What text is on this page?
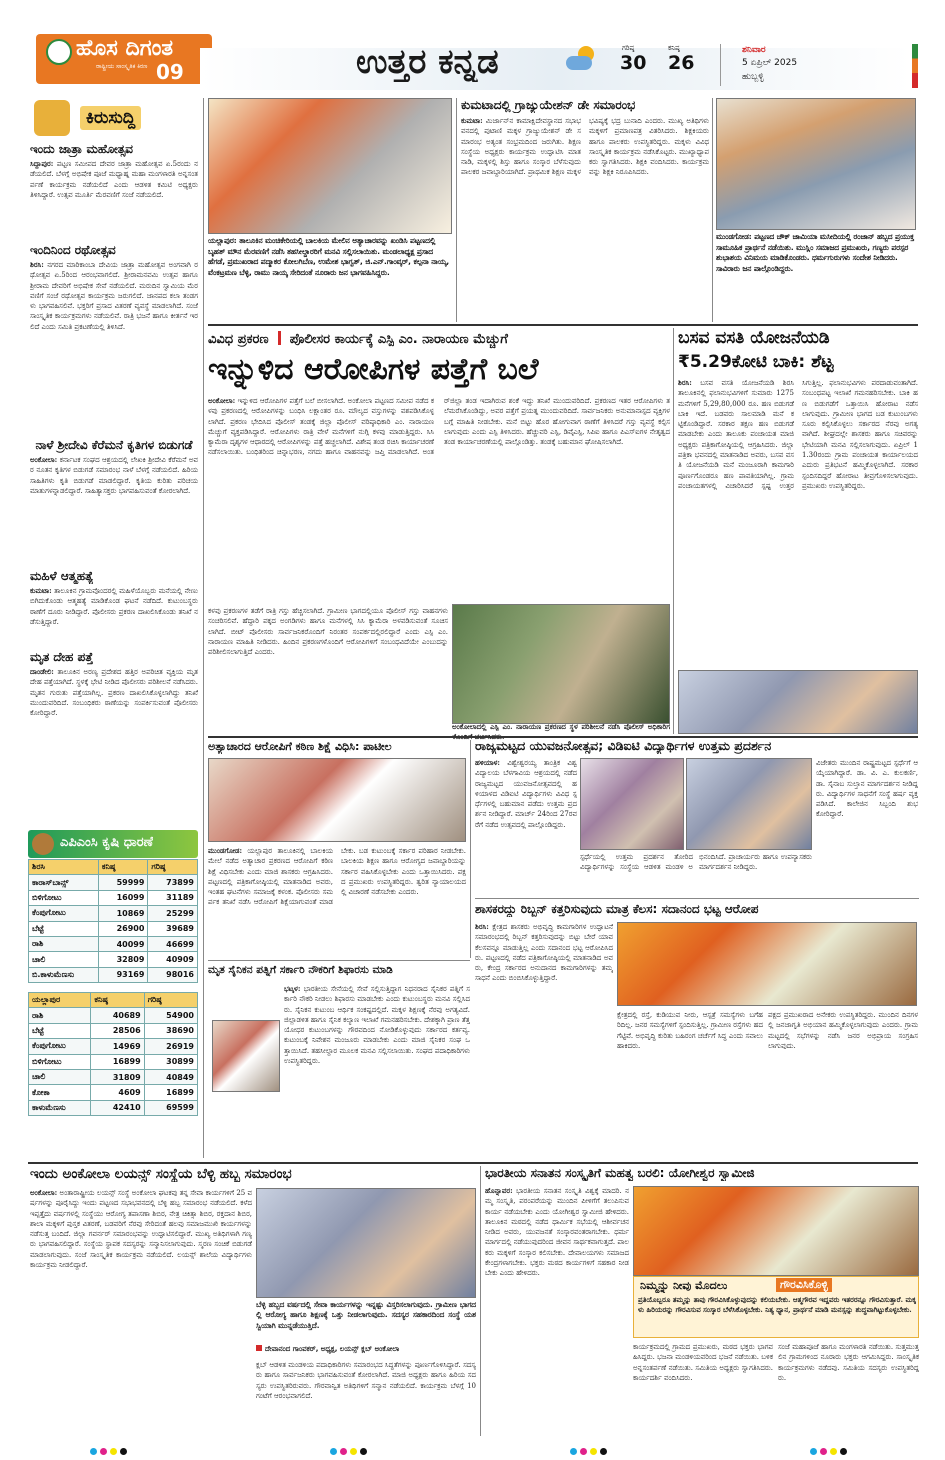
ಹೊಸ ದಿಗಂತ
ರಾಷ್ಟ್ರೀಯ ಸಾಂಸ್ಕೃತಿಕ ಕಿರಣ 09	ಉತ್ತರ ಕನ್ನಡ	ಗರಿಷ್ಠ
30
ಕನಿಷ್ಠ
26
ಶನಿವಾರ
5 ಏಪ್ರಿಲ್ 2025
ಹುಬ್ಬಳ್ಳಿ
ಕಿರುಸುದ್ದಿ
ಇಂದು ಜಾತ್ರಾ ಮಹೋತ್ಸವ
ಸಿದ್ದಾಪುರ: ಪಟ್ಟಣ ಸಮೀಪದ ದೇವರ ಜಾತ್ರಾ ಮಹೋತ್ಸವ ಏ.5ರಂದು ನಡೆಯಲಿದೆ. ಬೆಳಗ್ಗೆ ಅಭಿಷೇಕ ಪೂಜೆ ಮಧ್ಯಾಹ್ನ ಮಹಾ ಮಂಗಳಾರತಿ ಅನ್ನಸಂತರ್ಪಣೆ ಕಾರ್ಯಕ್ರಮ ನಡೆಯಲಿದೆ ಎಂದು ಆಡಳಿತ ಕಮಿಟಿ ಅಧ್ಯಕ್ಷರು ತಿಳಿಸಿದ್ದಾರೆ. ಉತ್ಸವ ಮೂರ್ತಿ ಮೆರವಣಿಗೆ ಸಂಜೆ ನಡೆಯಲಿದೆ.
ಇಂದಿನಿಂದ ರಥೋತ್ಸವ
ಶಿರಸಿ: ನಗರದ ಮಾರಿಕಾಂಬಾ ದೇವಿಯ ಜಾತ್ರಾ ಮಹೋತ್ಸವ ಅಂಗವಾಗಿ ರಥೋತ್ಸವ ಏ.5ರಿಂದ ಆರಂಭವಾಗಲಿದೆ. ಶ್ರೀರಾಮನವಮಿ ಉತ್ಸವ ಹಾಗೂ ಶ್ರೀರಾಮ ದೇವರಿಗೆ ಅಭಿಷೇಕ ಸೇವೆ ನಡೆಯಲಿದೆ. ಮರುದಿನ ಸ್ವಾಮಿಯ ಮೆರವಣಿಗೆ ಸಂಜೆ ರಥೋತ್ಸವ ಕಾರ್ಯಕ್ರಮ ಜರುಗಲಿದೆ. ಜಾನಪದ ಕಲಾ ತಂಡಗಳು ಭಾಗವಹಿಸಲಿವೆ. ಭಕ್ತರಿಗೆ ಪ್ರಸಾದ ವಿತರಣೆ ವ್ಯವಸ್ಥೆ ಮಾಡಲಾಗಿದೆ. ಸಂಜೆ ಸಾಂಸ್ಕೃತಿಕ ಕಾರ್ಯಕ್ರಮಗಳು ನಡೆಯಲಿವೆ. ರಾತ್ರಿ ಭಜನೆ ಹಾಗೂ ಕೀರ್ತನೆ ಇರಲಿದೆ ಎಂದು ಸಮಿತಿ ಪ್ರಕಟಣೆಯಲ್ಲಿ ತಿಳಿಸಿದೆ.
ನಾಳೆ ಶ್ರೀದೇವಿ ಕೆರೆಮನೆ ಕೃತಿಗಳ ಬಿಡುಗಡೆ
ಅಂಕೋಲಾ: ಕರ್ನಾಟಕ ಸಂಘದ ಆಶ್ರಯದಲ್ಲಿ ಲೇಖಕಿ ಶ್ರೀದೇವಿ ಕೆರೆಮನೆ ಅವರ ನೂತನ ಕೃತಿಗಳ ಬಿಡುಗಡೆ ಸಮಾರಂಭ ನಾಳೆ ಬೆಳಗ್ಗೆ ನಡೆಯಲಿದೆ. ಹಿರಿಯ ಸಾಹಿತಿಗಳು ಕೃತಿ ಬಿಡುಗಡೆ ಮಾಡಲಿದ್ದಾರೆ. ಕೃತಿಯ ಕುರಿತು ಪರಿಚಯ ಮಾತುಗಳನ್ನಾಡಲಿದ್ದಾರೆ. ಸಾಹಿತ್ಯಾಸಕ್ತರು ಭಾಗವಹಿಸುವಂತೆ ಕೋರಲಾಗಿದೆ.
ಮಹಿಳೆ ಆತ್ಮಹತ್ಯೆ
ಕುಮಟಾ: ತಾಲೂಕಿನ ಗ್ರಾಮವೊಂದರಲ್ಲಿ ಮಹಿಳೆಯೊಬ್ಬರು ಮನೆಯಲ್ಲಿ ನೇಣು ಬಿಗಿದುಕೊಂಡು ಆತ್ಮಹತ್ಯೆ ಮಾಡಿಕೊಂಡ ಘಟನೆ ನಡೆದಿದೆ. ಕುಟುಂಬಸ್ಥರು ಠಾಣೆಗೆ ದೂರು ನೀಡಿದ್ದಾರೆ. ಪೊಲೀಸರು ಪ್ರಕರಣ ದಾಖಲಿಸಿಕೊಂಡು ತನಿಖೆ ನಡೆಸುತ್ತಿದ್ದಾರೆ.
ಮೃತ ದೇಹ ಪತ್ತೆ
ದಾಂಡೇಲಿ: ತಾಲೂಕಿನ ಅರಣ್ಯ ಪ್ರದೇಶದ ಹತ್ತಿರ ಅಪರಿಚಿತ ವ್ಯಕ್ತಿಯ ಮೃತದೇಹ ಪತ್ತೆಯಾಗಿದೆ. ಸ್ಥಳಕ್ಕೆ ಭೇಟಿ ನೀಡಿದ ಪೊಲೀಸರು ಪರಿಶೀಲನೆ ನಡೆಸಿದರು. ಮೃತನ ಗುರುತು ಪತ್ತೆಯಾಗಿಲ್ಲ. ಪ್ರಕರಣ ದಾಖಲಿಸಿಕೊಳ್ಳಲಾಗಿದ್ದು ತನಿಖೆ ಮುಂದುವರಿದಿದೆ. ಸಂಬಂಧಿಕರು ಠಾಣೆಯನ್ನು ಸಂಪರ್ಕಿಸುವಂತೆ ಪೊಲೀಸರು ಕೋರಿದ್ದಾರೆ.
ಎಪಿಎಂಸಿ ಕೃಷಿ ಧಾರಣೆ
ಶಿರಸಿ	ಕನಿಷ್ಠ	ಗರಿಷ್ಠ
ಕಾರಾಸ್‌ಬಾನ್ಸ್	59999	73899
ಬಿಳಿಗೋಟು	16099	31189
ಕೆಂಪುಗೋಟು	10869	25299
ಬೆಟ್ಟೆ	26900	39689
ರಾಶಿ	40099	46699
ಚಾಲಿ	32809	40909
ಬಿ.ಕಾಳುಮೆಣಸು	93169	98016
ಯಲ್ಲಾಪುರ	ಕನಿಷ್ಠ	ಗರಿಷ್ಠ
ರಾಶಿ	40689	54900
ಬೆಟ್ಟೆ	28506	38690
ಕೆಂಪುಗೋಟು	14969	26919
ಬಿಳಿಗೋಟು	16899	30899
ಚಾಲಿ	31809	40849
ಕೋಕಾ	4609	16899
ಕಾಳುಮೆಣಸು	42410	69599
ಯಲ್ಲಾಪುರ: ತಾಲೂಕಿನ ಮಂಚಿಕೇರಿಯಲ್ಲಿ ಬಾಲಕಿಯ ಮೇಲಿನ ಅತ್ಯಾಚಾರವನ್ನು ಖಂಡಿಸಿ ಪಟ್ಟಣದಲ್ಲಿ ಬೃಹತ್ ಮೌನ ಮೆರವಣಿಗೆ ನಡೆಸಿ ತಹಸೀಲ್ದಾರರಿಗೆ ಮನವಿ ಸಲ್ಲಿಸಲಾಯಿತು. ಮಂಡಲಾಧ್ಯಕ್ಷ ಪ್ರಸಾದ ಹೆಗಡೆ, ಪ್ರಮುಖರಾದ ಪದ್ಮಾಕರ ಕೋಲಗಿಬೆಣ, ಉಮೇಶ ಭಾಗ್ವತ್, ಜಿ.ಎನ್.ಗಾಂವ್ಕರ್, ಕಲ್ಪನಾ ನಾಯ್ಕ, ವೆಂಕಟ್ರಮಣ ಬೆಳ್ಳಿ, ರಾಮು ನಾಯ್ಕ ಸೇರಿದಂತೆ ನೂರಾರು ಜನ ಭಾಗವಹಿಸಿದ್ದರು.
ಕುಮಟಾದಲ್ಲಿ ಗ್ರಾಜ್ಯುಯೇಶನ್ ಡೇ ಸಮಾರಂಭ
ಕುಮಟಾ: ಮಿರ್ಜಾನ್‌ನ ಕಾಮಾಕ್ಷಿದೇವಸ್ಥಾನದ ಸಭಾಭವನದಲ್ಲಿ ಪುಟಾಣಿ ಮಕ್ಕಳ ಗ್ರಾಜ್ಯುಯೇಶನ್ ಡೇ ಸಮಾರಂಭ ಅತ್ಯಂತ ಸಂಭ್ರಮದಿಂದ ಜರುಗಿತು. ಶಿಕ್ಷಣ ಸಂಸ್ಥೆಯ ಅಧ್ಯಕ್ಷರು ಕಾರ್ಯಕ್ರಮ ಉದ್ಘಾಟಿಸಿ ಮಾತನಾಡಿ, ಮಕ್ಕಳಲ್ಲಿ ಶಿಸ್ತು ಹಾಗೂ ಸಂಸ್ಕಾರ ಬೆಳೆಸುವುದು ಪಾಲಕರ ಜವಾಬ್ದಾರಿಯಾಗಿದೆ. ಪ್ರಾಥಮಿಕ ಶಿಕ್ಷಣ ಮಕ್ಕಳ ಭವಿಷ್ಯಕ್ಕೆ ಭದ್ರ ಬುನಾದಿ ಎಂದರು. ಮುಖ್ಯ ಅತಿಥಿಗಳು ಮಕ್ಕಳಿಗೆ ಪ್ರಮಾಣಪತ್ರ ವಿತರಿಸಿದರು. ಶಿಕ್ಷಕಿಯರು ಹಾಗೂ ಪಾಲಕರು ಉಪಸ್ಥಿತರಿದ್ದರು. ಮಕ್ಕಳು ವಿವಿಧ ಸಾಂಸ್ಕೃತಿಕ ಕಾರ್ಯಕ್ರಮ ನಡೆಸಿಕೊಟ್ಟರು. ಮುಖ್ಯಾಧ್ಯಾಪಕರು ಸ್ವಾಗತಿಸಿದರು. ಶಿಕ್ಷಕಿ ವಂದಿಸಿದರು. ಕಾರ್ಯಕ್ರಮವನ್ನು ಶಿಕ್ಷಕಿ ನಿರೂಪಿಸಿದರು.
ಮುಂಡಗೋಡ: ಪಟ್ಟಣದ ಚೌಕ್ ಜಾಮಿಯಾ ಮಸೀದಿಯಲ್ಲಿ ರಂಜಾನ್ ಹಬ್ಬದ ಪ್ರಯುಕ್ತ ಸಾಮೂಹಿಕ ಪ್ರಾರ್ಥನೆ ನಡೆಯಿತು. ಮುಸ್ಲಿಂ ಸಮಾಜದ ಪ್ರಮುಖರು, ಗಣ್ಯರು ಪರಸ್ಪರ ಶುಭಾಶಯ ವಿನಿಮಯ ಮಾಡಿಕೊಂಡರು. ಧರ್ಮಗುರುಗಳು ಸಂದೇಶ ನೀಡಿದರು. ಸಾವಿರಾರು ಜನ ಪಾಲ್ಗೊಂಡಿದ್ದರು.
ವಿವಿಧ ಪ್ರಕರಣ ಪೊಲೀಸರ ಕಾರ್ಯಕ್ಕೆ ಎಸ್ಪಿ ಎಂ. ನಾರಾಯಣ ಮೆಚ್ಚುಗೆ
ಇನ್ನುಳಿದ ಆರೋಪಿಗಳ ಪತ್ತೆಗೆ ಬಲೆ
ಅಂಕೋಲಾ: ಇನ್ನುಳಿದ ಆರೋಪಿಗಳ ಪತ್ತೆಗೆ ಬಲೆ ಬೀಸಲಾಗಿದೆ. ಅಂಕೋಲಾ ಪಟ್ಟಣದ ಸಮೀಪ ನಡೆದ ಕಳವು ಪ್ರಕರಣದಲ್ಲಿ ಆರೋಪಿಗಳನ್ನು ಬಂಧಿಸಿ ಲಕ್ಷಾಂತರ ರೂ. ಮೌಲ್ಯದ ವಸ್ತುಗಳನ್ನು ವಶಪಡಿಸಿಕೊಳ್ಳಲಾಗಿದೆ. ಪ್ರಕರಣ ಭೇದಿಸಿದ ಪೊಲೀಸ್ ತಂಡಕ್ಕೆ ಜಿಲ್ಲಾ ಪೊಲೀಸ್ ವರಿಷ್ಠಾಧಿಕಾರಿ ಎಂ. ನಾರಾಯಣ ಮೆಚ್ಚುಗೆ ವ್ಯಕ್ತಪಡಿಸಿದ್ದಾರೆ. ಆರೋಪಿಗಳು ರಾತ್ರಿ ವೇಳೆ ಮನೆಗಳಿಗೆ ನುಗ್ಗಿ ಕಳವು ಮಾಡುತ್ತಿದ್ದರು. ಸಿಸಿ ಕ್ಯಾಮೆರಾ ದೃಶ್ಯಗಳ ಆಧಾರದಲ್ಲಿ ಆರೋಪಿಗಳನ್ನು ಪತ್ತೆ ಹಚ್ಚಲಾಗಿದೆ. ವಿಶೇಷ ತಂಡ ರಚಿಸಿ ಕಾರ್ಯಾಚರಣೆ ನಡೆಸಲಾಯಿತು. ಬಂಧಿತರಿಂದ ಚಿನ್ನಾಭರಣ, ನಗದು ಹಾಗೂ ವಾಹನವನ್ನು ಜಪ್ತಿ ಮಾಡಲಾಗಿದೆ. ಅಂತರ್‌ಜಿಲ್ಲಾ ತಂಡ ಇದಾಗಿರುವ ಶಂಕೆ ಇದ್ದು ತನಿಖೆ ಮುಂದುವರಿದಿದೆ. ಪ್ರಕರಣದ ಇತರ ಆರೋಪಿಗಳು ತಲೆಮರೆಸಿಕೊಂಡಿದ್ದು, ಅವರ ಪತ್ತೆಗೆ ಪ್ರಯತ್ನ ಮುಂದುವರಿದಿದೆ. ಸಾರ್ವಜನಿಕರು ಅನುಮಾನಾಸ್ಪದ ವ್ಯಕ್ತಿಗಳ ಬಗ್ಗೆ ಮಾಹಿತಿ ನೀಡಬೇಕು. ಮನೆ ಬಿಟ್ಟು ಹೊರ ಹೋಗುವಾಗ ಠಾಣೆಗೆ ತಿಳಿಸಿದರೆ ಗಸ್ತು ವ್ಯವಸ್ಥೆ ಕಲ್ಪಿಸಲಾಗುವುದು ಎಂದು ಎಸ್ಪಿ ತಿಳಿಸಿದರು. ಹೆಚ್ಚುವರಿ ಎಸ್ಪಿ, ಡಿವೈಎಸ್ಪಿ, ಸಿಪಿಐ ಹಾಗೂ ಪಿಎಸ್‌ಐಗಳ ನೇತೃತ್ವದ ತಂಡ ಕಾರ್ಯಾಚರಣೆಯಲ್ಲಿ ಪಾಲ್ಗೊಂಡಿತ್ತು. ತಂಡಕ್ಕೆ ಬಹುಮಾನ ಘೋಷಿಸಲಾಗಿದೆ.
ಅಂಕೋಲಾದಲ್ಲಿ ಎಸ್ಪಿ ಎಂ. ನಾರಾಯಣ ಪ್ರಕರಣದ ಸ್ಥಳ ಪರಿಶೀಲನೆ ನಡೆಸಿ ಪೊಲೀಸ್ ಅಧಿಕಾರಿಗ
ಕಳವು ಪ್ರಕರಣಗಳ ತಡೆಗೆ ರಾತ್ರಿ ಗಸ್ತು ಹೆಚ್ಚಿಸಲಾಗಿದೆ. ಗ್ರಾಮೀಣ ಭಾಗದಲ್ಲಿಯೂ ಪೊಲೀಸ್ ಗಸ್ತು ವಾಹನಗಳು ಸಂಚರಿಸಲಿವೆ. ಹೆದ್ದಾರಿ ಪಕ್ಕದ ಅಂಗಡಿಗಳು ಹಾಗೂ ಮನೆಗಳಲ್ಲಿ ಸಿಸಿ ಕ್ಯಾಮೆರಾ ಅಳವಡಿಸುವಂತೆ ಸೂಚಿಸಲಾಗಿದೆ. ಬೀಟ್ ಪೊಲೀಸರು ಸಾರ್ವಜನಿಕರೊಂದಿಗೆ ನಿರಂತರ ಸಂಪರ್ಕದಲ್ಲಿರಲಿದ್ದಾರೆ ಎಂದು ಎಸ್ಪಿ ಎಂ. ನಾರಾಯಣ ಮಾಹಿತಿ ನೀಡಿದರು. ಹಿಂದಿನ ಪ್ರಕರಣಗಳೊಂದಿಗೆ ಆರೋಪಿಗಳಿಗೆ ಸಂಬಂಧವಿದೆಯೇ ಎಂಬುದನ್ನು ಪರಿಶೀಲಿಸಲಾಗುತ್ತಿದೆ ಎಂದರು.
ಬಸವ ವಸತಿ ಯೋಜನೆಯಡಿ
₹5.29ಕೋಟಿ ಬಾಕಿ: ಶೆಟ್ಟ
ಶಿರಸಿ: ಬಸವ ವಸತಿ ಯೋಜನೆಯಡಿ ಶಿರಸಿ ತಾಲೂಕಿನಲ್ಲಿ ಫಲಾನುಭವಿಗಳಿಗೆ ಸುಮಾರು 1275 ಮನೆಗಳಿಗೆ 5,29,80,000 ರೂ. ಹಣ ಬಿಡುಗಡೆ ಬಾಕಿ ಇದೆ. ಬಡವರು ಸಾಲಮಾಡಿ ಮನೆ ಕಟ್ಟಿಕೊಂಡಿದ್ದಾರೆ. ಸರಕಾರ ತಕ್ಷಣ ಹಣ ಬಿಡುಗಡೆ ಮಾಡಬೇಕು ಎಂದು ತಾಲೂಕು ಪಂಚಾಯತ ಮಾಜಿ ಅಧ್ಯಕ್ಷರು ಪತ್ರಿಕಾಗೋಷ್ಠಿಯಲ್ಲಿ ಆಗ್ರಹಿಸಿದರು. ಜಿಲ್ಲಾ ಪತ್ರಿಕಾ ಭವನದಲ್ಲಿ ಮಾತನಾಡಿದ ಅವರು, ಬಸವ ವಸತಿ ಯೋಜನೆಯಡಿ ಮನೆ ಮಂಜೂರಾಗಿ ಕಾಮಗಾರಿ ಪೂರ್ಣಗೊಂಡರೂ ಹಣ ಪಾವತಿಯಾಗಿಲ್ಲ. ಗ್ರಾಮ ಪಂಚಾಯತಗಳಲ್ಲಿ ವಿಚಾರಿಸಿದರೆ ಸ್ಪಷ್ಟ ಉತ್ತರ ಸಿಗುತ್ತಿಲ್ಲ. ಫಲಾನುಭವಿಗಳು ಪರದಾಡುವಂತಾಗಿದೆ. ಸಂಬಂಧಪಟ್ಟ ಇಲಾಖೆ ಗಮನಹರಿಸಬೇಕು. ಬಾಕಿ ಹಣ ಬಿಡುಗಡೆಗೆ ಒತ್ತಾಯಿಸಿ ಹೋರಾಟ ನಡೆಸಲಾಗುವುದು. ಗ್ರಾಮೀಣ ಭಾಗದ ಬಡ ಕುಟುಂಬಗಳು ಸೂರು ಕಲ್ಪಿಸಿಕೊಳ್ಳಲು ಸರ್ಕಾರದ ನೆರವು ಅಗತ್ಯವಾಗಿದೆ. ಶೀಘ್ರದಲ್ಲೇ ಶಾಸಕರು ಹಾಗೂ ಸಚಿವರನ್ನು ಭೇಟಿಯಾಗಿ ಮನವಿ ಸಲ್ಲಿಸಲಾಗುವುದು. ಏಪ್ರಿಲ್ 11.30ರಂದು ಗ್ರಾಮ ಪಂಚಾಯತ ಕಾರ್ಯಾಲಯದ ಎದುರು ಪ್ರತಿಭಟನೆ ಹಮ್ಮಿಕೊಳ್ಳಲಾಗಿದೆ. ಸರಕಾರ ಸ್ಪಂದಿಸದಿದ್ದರೆ ಹೋರಾಟ ತೀವ್ರಗೊಳಿಸಲಾಗುವುದು. ಪ್ರಮುಖರು ಉಪಸ್ಥಿತರಿದ್ದರು.
ಅತ್ಯಾಚಾರದ ಆರೋಪಿಗೆ ಕಠಿಣ ಶಿಕ್ಷೆ ವಿಧಿಸಿ: ಪಾಟೀಲ
ಮುಂಡಗೋಡ: ಯಲ್ಲಾಪುರ ತಾಲೂಕಿನಲ್ಲಿ ಬಾಲಕಿಯ ಮೇಲೆ ನಡೆದ ಅತ್ಯಾಚಾರ ಪ್ರಕರಣದ ಆರೋಪಿಗೆ ಕಠಿಣ ಶಿಕ್ಷೆ ವಿಧಿಸಬೇಕು ಎಂದು ಮಾಜಿ ಶಾಸಕರು ಆಗ್ರಹಿಸಿದರು. ಪಟ್ಟಣದಲ್ಲಿ ಪತ್ರಿಕಾಗೋಷ್ಠಿಯಲ್ಲಿ ಮಾತನಾಡಿದ ಅವರು, ಇಂತಹ ಘಟನೆಗಳು ಸಮಾಜಕ್ಕೆ ಕಳಂಕ. ಪೊಲೀಸರು ಸಮರ್ಪಕ ತನಿಖೆ ನಡೆಸಿ ಆರೋಪಿಗೆ ಶಿಕ್ಷೆಯಾಗುವಂತೆ ಮಾಡಬೇಕು. ಬಡ ಕುಟುಂಬಕ್ಕೆ ಸರ್ಕಾರ ಪರಿಹಾರ ನೀಡಬೇಕು. ಬಾಲಕಿಯ ಶಿಕ್ಷಣ ಹಾಗೂ ಆರೋಗ್ಯದ ಜವಾಬ್ದಾರಿಯನ್ನು ಸರ್ಕಾರ ವಹಿಸಿಕೊಳ್ಳಬೇಕು ಎಂದು ಒತ್ತಾಯಿಸಿದರು. ಪಕ್ಷದ ಪ್ರಮುಖರು ಉಪಸ್ಥಿತರಿದ್ದರು. ತ್ವರಿತ ನ್ಯಾಯಾಲಯದಲ್ಲಿ ವಿಚಾರಣೆ ನಡೆಸಬೇಕು ಎಂದರು.
ರಾಜ್ಯಮಟ್ಟದ ಯುವಜನೋತ್ಸವ; ವಿಡಿಐಟಿ ವಿದ್ಯಾರ್ಥಿಗಳ ಉತ್ತಮ ಪ್ರದರ್ಶನ
ಹಳಿಯಾಳ: ವಿಶ್ವೇಶ್ವರಯ್ಯ ತಾಂತ್ರಿಕ ವಿಶ್ವವಿದ್ಯಾಲಯ ಬೆಳಗಾವಿಯ ಆಶ್ರಯದಲ್ಲಿ ನಡೆದ ರಾಜ್ಯಮಟ್ಟದ ಯುವಜನೋತ್ಸವದಲ್ಲಿ ಹಳಿಯಾಳದ ವಿಡಿಐಟಿ ವಿದ್ಯಾರ್ಥಿಗಳು ವಿವಿಧ ಸ್ಪರ್ಧೆಗಳಲ್ಲಿ ಬಹುಮಾನ ಪಡೆದು ಉತ್ತಮ ಪ್ರದರ್ಶನ ನೀಡಿದ್ದಾರೆ. ಮಾರ್ಚ್ 24ರಿಂದ 27ರವರೆಗೆ ನಡೆದ ಉತ್ಸವದಲ್ಲಿ ಪಾಲ್ಗೊಂಡಿದ್ದರು.
ಸ್ಪರ್ಧೆಯಲ್ಲಿ ಉತ್ತಮ ಪ್ರದರ್ಶನ ತೋರಿದ ವಿದ್ಯಾರ್ಥಿಗಳನ್ನು ಸಂಸ್ಥೆಯ ಆಡಳಿತ ಮಂಡಳಿ ಅಭಿನಂದಿಸಿದೆ. ಪ್ರಾಚಾರ್ಯರು ಹಾಗೂ ಉಪನ್ಯಾಸಕರು ಮಾರ್ಗದರ್ಶನ ನೀಡಿದ್ದರು.
ವಿಜೇತರು ಮುಂದಿನ ರಾಷ್ಟ್ರಮಟ್ಟದ ಸ್ಪರ್ಧೆಗೆ ಆಯ್ಕೆಯಾಗಿದ್ದಾರೆ. ಡಾ. ವಿ. ಎ. ಕುಲಕರ್ಣಿ, ಡಾ. ಸೈನಾಬ ಸುಲ್ತಾನ ಮಾರ್ಗದರ್ಶನ ನೀಡಿದ್ದರು. ವಿದ್ಯಾರ್ಥಿಗಳ ಸಾಧನೆಗೆ ಸಂಸ್ಥೆ ಹರ್ಷ ವ್ಯಕ್ತಪಡಿಸಿದೆ. ಕಾಲೇಜಿನ ಸಿಬ್ಬಂದಿ ಶುಭಕೋರಿದ್ದಾರೆ.
ಶಾಸಕರದ್ದು ರಿಬ್ಬನ್ ಕತ್ತರಿಸುವುದು ಮಾತ್ರ ಕೆಲಸ: ಸದಾನಂದ ಭಟ್ಟ ಆರೋಪ
ಶಿರಸಿ: ಕ್ಷೇತ್ರದ ಶಾಸಕರು ಅಭಿವೃದ್ಧಿ ಕಾಮಗಾರಿಗಳ ಉದ್ಘಾಟನೆ ಸಮಾರಂಭದಲ್ಲಿ ರಿಬ್ಬನ್ ಕತ್ತರಿಸುವುದನ್ನು ಬಿಟ್ಟು ಬೇರೆ ಯಾವ ಕೆಲಸವನ್ನೂ ಮಾಡುತ್ತಿಲ್ಲ ಎಂದು ಸದಾನಂದ ಭಟ್ಟ ಆರೋಪಿಸಿದರು. ಪಟ್ಟಣದಲ್ಲಿ ನಡೆದ ಪತ್ರಿಕಾಗೋಷ್ಠಿಯಲ್ಲಿ ಮಾತನಾಡಿದ ಅವರು, ಕೇಂದ್ರ ಸರ್ಕಾರದ ಅನುದಾನದ ಕಾಮಗಾರಿಗಳನ್ನು ತಮ್ಮ ಸಾಧನೆ ಎಂದು ಬಿಂಬಿಸಿಕೊಳ್ಳುತ್ತಿದ್ದಾರೆ.
ಕ್ಷೇತ್ರದಲ್ಲಿ ರಸ್ತೆ, ಕುಡಿಯುವ ನೀರು, ಆಸ್ಪತ್ರೆ ಸಮಸ್ಯೆಗಳು ಬಗೆಹರಿದಿಲ್ಲ. ಜನರ ಸಮಸ್ಯೆಗಳಿಗೆ ಸ್ಪಂದಿಸುತ್ತಿಲ್ಲ. ಗ್ರಾಮೀಣ ರಸ್ತೆಗಳು ಹದಗೆಟ್ಟಿವೆ. ಅಭಿವೃದ್ಧಿ ಕುರಿತು ಬಹಿರಂಗ ಚರ್ಚೆಗೆ ಸಿದ್ಧ ಎಂದು ಸವಾಲು ಹಾಕಿದರು.
ಪಕ್ಷದ ಪ್ರಮುಖರಾದ ಅನೇಕರು ಉಪಸ್ಥಿತರಿದ್ದರು. ಮುಂದಿನ ದಿನಗಳಲ್ಲಿ ಜನಜಾಗೃತಿ ಅಭಿಯಾನ ಹಮ್ಮಿಕೊಳ್ಳಲಾಗುವುದು ಎಂದರು. ಗ್ರಾಮ ಮಟ್ಟದಲ್ಲಿ ಸಭೆಗಳನ್ನು ನಡೆಸಿ ಜನರ ಅಭಿಪ್ರಾಯ ಸಂಗ್ರಹಿಸಲಾಗುವುದು.
ಮೃತ ಸೈನಿಕನ ಪತ್ನಿಗೆ ಸರ್ಕಾರಿ ನೌಕರಿಗೆ ಶಿಫಾರಸು ಮಾಡಿ
ಭಟ್ಕಳ: ಭಾರತೀಯ ಸೇನೆಯಲ್ಲಿ ಸೇವೆ ಸಲ್ಲಿಸುತ್ತಿದ್ದಾಗ ನಿಧನರಾದ ಸೈನಿಕರ ಪತ್ನಿಗೆ ಸರ್ಕಾರಿ ನೌಕರಿ ನೀಡಲು ಶಿಫಾರಸು ಮಾಡಬೇಕು ಎಂದು ಕುಟುಂಬಸ್ಥರು ಮನವಿ ಸಲ್ಲಿಸಿದರು. ಸೈನಿಕನ ಕುಟುಂಬ ಆರ್ಥಿಕ ಸಂಕಷ್ಟದಲ್ಲಿದೆ. ಮಕ್ಕಳ ಶಿಕ್ಷಣಕ್ಕೆ ನೆರವು ಅಗತ್ಯವಿದೆ. ಜಿಲ್ಲಾಡಳಿತ ಹಾಗೂ ಸೈನಿಕ ಕಲ್ಯಾಣ ಇಲಾಖೆ ಗಮನಹರಿಸಬೇಕು. ದೇಶಕ್ಕಾಗಿ ಪ್ರಾಣ ತೆತ್ತ ಯೋಧರ ಕುಟುಂಬಗಳನ್ನು ಗೌರವದಿಂದ ನೋಡಿಕೊಳ್ಳುವುದು ಸರ್ಕಾರದ ಕರ್ತವ್ಯ. ಕುಟುಂಬಕ್ಕೆ ನಿವೇಶನ ಮಂಜೂರು ಮಾಡಬೇಕು ಎಂದು ಮಾಜಿ ಸೈನಿಕರ ಸಂಘ ಒತ್ತಾಯಿಸಿದೆ. ತಹಸೀಲ್ದಾರ ಮೂಲಕ ಮನವಿ ಸಲ್ಲಿಸಲಾಯಿತು. ಸಂಘದ ಪದಾಧಿಕಾರಿಗಳು ಉಪಸ್ಥಿತರಿದ್ದರು.
ಇಂದು ಅಂಕೋಲಾ ಲಯನ್ಸ್ ಸಂಸ್ಥೆಯ ಬೆಳ್ಳಿ ಹಬ್ಬ ಸಮಾರಂಭ
ಅಂಕೋಲಾ: ಅಂತಾರಾಷ್ಟ್ರೀಯ ಲಯನ್ಸ್ ಸಂಸ್ಥೆ ಅಂಕೋಲಾ ಘಟಕವು ತನ್ನ ಸೇವಾ ಕಾರ್ಯಗಳಿಗೆ 25 ವರ್ಷಗಳನ್ನು ಪೂರೈಸಿದ್ದು ಇಂದು ಪಟ್ಟಣದ ಸಭಾಭವನದಲ್ಲಿ ಬೆಳ್ಳಿ ಹಬ್ಬ ಸಮಾರಂಭ ನಡೆಯಲಿದೆ. ಕಳೆದ ಇಪ್ಪತ್ತೈದು ವರ್ಷಗಳಲ್ಲಿ ಸಂಸ್ಥೆಯು ಆರೋಗ್ಯ ತಪಾಸಣಾ ಶಿಬಿರ, ನೇತ್ರ ಚಿಕಿತ್ಸಾ ಶಿಬಿರ, ರಕ್ತದಾನ ಶಿಬಿರ, ಶಾಲಾ ಮಕ್ಕಳಿಗೆ ಪುಸ್ತಕ ವಿತರಣೆ, ಬಡವರಿಗೆ ನೆರವು ಸೇರಿದಂತೆ ಹಲವು ಸಮಾಜಮುಖಿ ಕಾರ್ಯಗಳನ್ನು ನಡೆಸುತ್ತ ಬಂದಿದೆ. ಜಿಲ್ಲಾ ಗವರ್ನರ್ ಸಮಾರಂಭವನ್ನು ಉದ್ಘಾಟಿಸಲಿದ್ದಾರೆ. ಮುಖ್ಯ ಅತಿಥಿಗಳಾಗಿ ಗಣ್ಯರು ಭಾಗವಹಿಸಲಿದ್ದಾರೆ. ಸಂಸ್ಥೆಯ ಸ್ಥಾಪಕ ಸದಸ್ಯರನ್ನು ಸನ್ಮಾನಿಸಲಾಗುವುದು. ಸ್ಮರಣ ಸಂಚಿಕೆ ಬಿಡುಗಡೆ ಮಾಡಲಾಗುವುದು. ಸಂಜೆ ಸಾಂಸ್ಕೃತಿಕ ಕಾರ್ಯಕ್ರಮ ನಡೆಯಲಿದೆ. ಲಯನ್ಸ್ ಶಾಲೆಯ ವಿದ್ಯಾರ್ಥಿಗಳು ಕಾರ್ಯಕ್ರಮ ನೀಡಲಿದ್ದಾರೆ.
ಬೆಳ್ಳಿ ಹಬ್ಬದ ವರ್ಷದಲ್ಲಿ ಸೇವಾ ಕಾರ್ಯಗಳನ್ನು ಇನ್ನಷ್ಟು ವಿಸ್ತರಿಸಲಾಗುವುದು. ಗ್ರಾಮೀಣ ಭಾಗದಲ್ಲಿ ಆರೋಗ್ಯ ಹಾಗೂ ಶಿಕ್ಷಣಕ್ಕೆ ಒತ್ತು ನೀಡಲಾಗುವುದು. ಸದಸ್ಯರ ಸಹಕಾರದಿಂದ ಸಂಸ್ಥೆ ಯಶಸ್ವಿಯಾಗಿ ಮುನ್ನಡೆಯುತ್ತಿದೆ.
ದೇವಾನಂದ ಗಾಂವಕರ್, ಅಧ್ಯಕ್ಷ, ಲಯನ್ಸ್ ಕ್ಲಬ್ ಅಂಕೋಲಾ
ಕ್ಲಬ್ ಆಡಳಿತ ಮಂಡಳಿಯ ಪದಾಧಿಕಾರಿಗಳು ಸಮಾರಂಭದ ಸಿದ್ಧತೆಗಳನ್ನು ಪೂರ್ಣಗೊಳಿಸಿದ್ದಾರೆ. ಸದಸ್ಯರು ಹಾಗೂ ಸಾರ್ವಜನಿಕರು ಭಾಗವಹಿಸುವಂತೆ ಕೋರಲಾಗಿದೆ. ಮಾಜಿ ಅಧ್ಯಕ್ಷರು ಹಾಗೂ ಹಿರಿಯ ಸದಸ್ಯರು ಉಪಸ್ಥಿತರಿರುವರು. ಗೌರವಾನ್ವಿತ ಅತಿಥಿಗಳಿಗೆ ಸನ್ಮಾನ ನಡೆಯಲಿದೆ. ಕಾರ್ಯಕ್ರಮ ಬೆಳಗ್ಗೆ 10 ಗಂಟೆಗೆ ಆರಂಭವಾಗಲಿದೆ.
ಭಾರತೀಯ ಸನಾತನ ಸಂಸ್ಕೃತಿಗೆ ಮಹತ್ವ ಬರಲಿ: ಯೋಗೀಶ್ವರ ಸ್ವಾಮೀಜಿ
ಹೊನ್ನಾವರ: ಭಾರತೀಯ ಸನಾತನ ಸಂಸ್ಕೃತಿ ವಿಶ್ವಕ್ಕೆ ಮಾದರಿ. ನಮ್ಮ ಸಂಸ್ಕೃತಿ, ಪರಂಪರೆಯನ್ನು ಮುಂದಿನ ಪೀಳಿಗೆಗೆ ತಲುಪಿಸುವ ಕಾರ್ಯ ನಡೆಯಬೇಕು ಎಂದು ಯೋಗೀಶ್ವರ ಸ್ವಾಮೀಜಿ ಹೇಳಿದರು. ತಾಲೂಕಿನ ಮಠದಲ್ಲಿ ನಡೆದ ಧಾರ್ಮಿಕ ಸಭೆಯಲ್ಲಿ ಆಶೀರ್ವಚನ ನೀಡಿದ ಅವರು, ಯುವಜನತೆ ಸಂಸ್ಕಾರವಂತರಾಗಬೇಕು. ಧರ್ಮ ಮಾರ್ಗದಲ್ಲಿ ನಡೆಯುವುದರಿಂದ ಜೀವನ ಸಾರ್ಥಕವಾಗುತ್ತದೆ. ಪಾಲಕರು ಮಕ್ಕಳಿಗೆ ಸಂಸ್ಕಾರ ಕಲಿಸಬೇಕು. ದೇವಾಲಯಗಳು ಸಮಾಜದ ಕೇಂದ್ರಗಳಾಗಬೇಕು. ಭಕ್ತರು ಮಠದ ಕಾರ್ಯಗಳಿಗೆ ಸಹಕಾರ ನೀಡಬೇಕು ಎಂದು ಹೇಳಿದರು.
ನಿಮ್ಮನ್ನು ನೀವು ಮೊದಲು	ಗೌರವಿಸಿಕೊಳ್ಳಿ
ಪ್ರತಿಯೊಬ್ಬರೂ ತಮ್ಮನ್ನು ತಾವು ಗೌರವಿಸಿಕೊಳ್ಳುವುದನ್ನು ಕಲಿಯಬೇಕು. ಆತ್ಮಗೌರವ ಇದ್ದವರು ಇತರರನ್ನೂ ಗೌರವಿಸುತ್ತಾರೆ. ಮಕ್ಕಳು ಹಿರಿಯರನ್ನು ಗೌರವಿಸುವ ಸಂಸ್ಕಾರ ಬೆಳೆಸಿಕೊಳ್ಳಬೇಕು. ನಿತ್ಯ ಧ್ಯಾನ, ಪ್ರಾರ್ಥನೆ ಮಾಡಿ ಮನಸ್ಸನ್ನು ಶುದ್ಧವಾಗಿಟ್ಟುಕೊಳ್ಳಬೇಕು.
ಕಾರ್ಯಕ್ರಮದಲ್ಲಿ ಗ್ರಾಮದ ಪ್ರಮುಖರು, ಮಠದ ಭಕ್ತರು ಭಾಗವಹಿಸಿದ್ದರು. ಭಜನಾ ಮಂಡಳಿಯವರಿಂದ ಭಜನೆ ನಡೆಯಿತು. ಬಳಿಕ ಅನ್ನಸಂತರ್ಪಣೆ ನಡೆಯಿತು. ಸಮಿತಿಯ ಅಧ್ಯಕ್ಷರು ಸ್ವಾಗತಿಸಿದರು. ಕಾರ್ಯದರ್ಶಿ ವಂದಿಸಿದರು.
ಸಂಜೆ ಮಹಾಪೂಜೆ ಹಾಗೂ ಮಂಗಳಾರತಿ ನಡೆಯಿತು. ಸುತ್ತಮುತ್ತಲಿನ ಗ್ರಾಮಗಳಿಂದ ನೂರಾರು ಭಕ್ತರು ಆಗಮಿಸಿದ್ದರು. ಸಾಂಸ್ಕೃತಿಕ ಕಾರ್ಯಕ್ರಮಗಳು ನಡೆದವು. ಸಮಿತಿಯ ಸದಸ್ಯರು ಉಪಸ್ಥಿತರಿದ್ದರು.
